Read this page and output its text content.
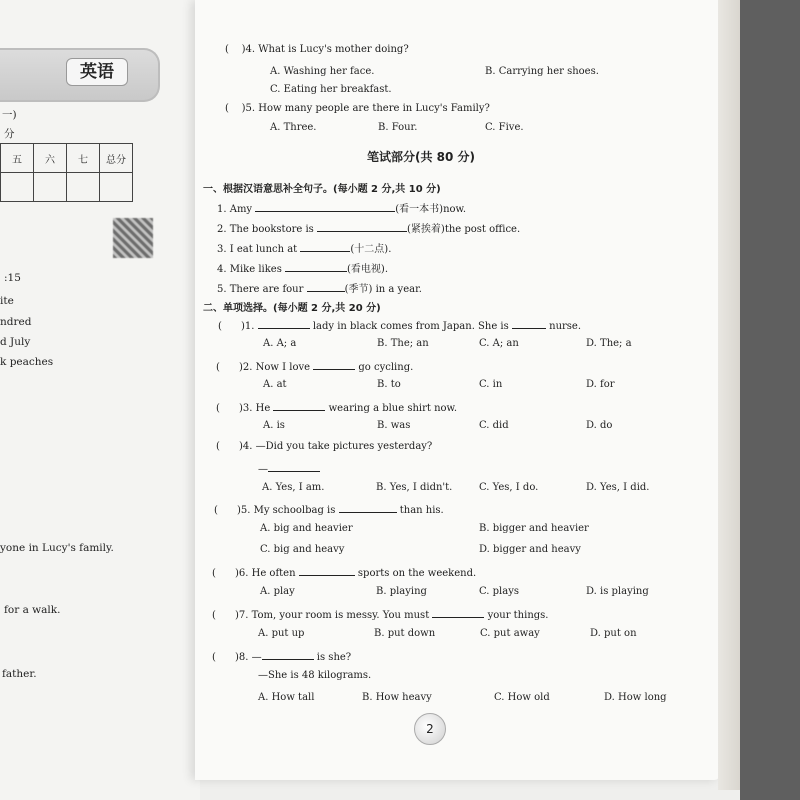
英语
一)
分
五	六	七	总分

:15
ite
ndred
d July
k peaches
yone in Lucy's family.
for a walk.
father.
(    )4. What is Lucy's mother doing?
A. Washing her face.	B. Carrying her shoes.
C. Eating her breakfast.
(    )5. How many people are there in Lucy's Family?
A. Three.	B. Four.	C. Five.
笔试部分(共 80 分)
一、根据汉语意思补全句子。(每小题 2 分,共 10 分)
1. Amy	(看一本书)now.
2. The bookstore is	(紧挨着)the post office.
3. I eat lunch at	(十二点).
4. Mike likes	(看电视).
5. There are four	(季节) in a year.
二、单项选择。(每小题 2 分,共 20 分)
(      )1.	lady in black comes from Japan. She is	nurse.
A. A; a	B. The; an	C. A; an	D. The; a
(      )2. Now I love	go cycling.
A. at	B. to	C. in	D. for
(      )3. He	wearing a blue shirt now.
A. is	B. was	C. did	D. do
(      )4. —Did you take pictures yesterday?
—
A. Yes, I am.	B. Yes, I didn't.	C. Yes, I do.	D. Yes, I did.
(      )5. My schoolbag is	than his.
A. big and heavier	B. bigger and heavier
C. big and heavy	D. bigger and heavy
(      )6. He often	sports on the weekend.
A. play	B. playing	C. plays	D. is playing
(      )7. Tom, your room is messy. You must	your things.
A. put up	B. put down	C. put away	D. put on
(      )8. —	is she?
—She is 48 kilograms.
A. How tall	B. How heavy	C. How old	D. How long
2
